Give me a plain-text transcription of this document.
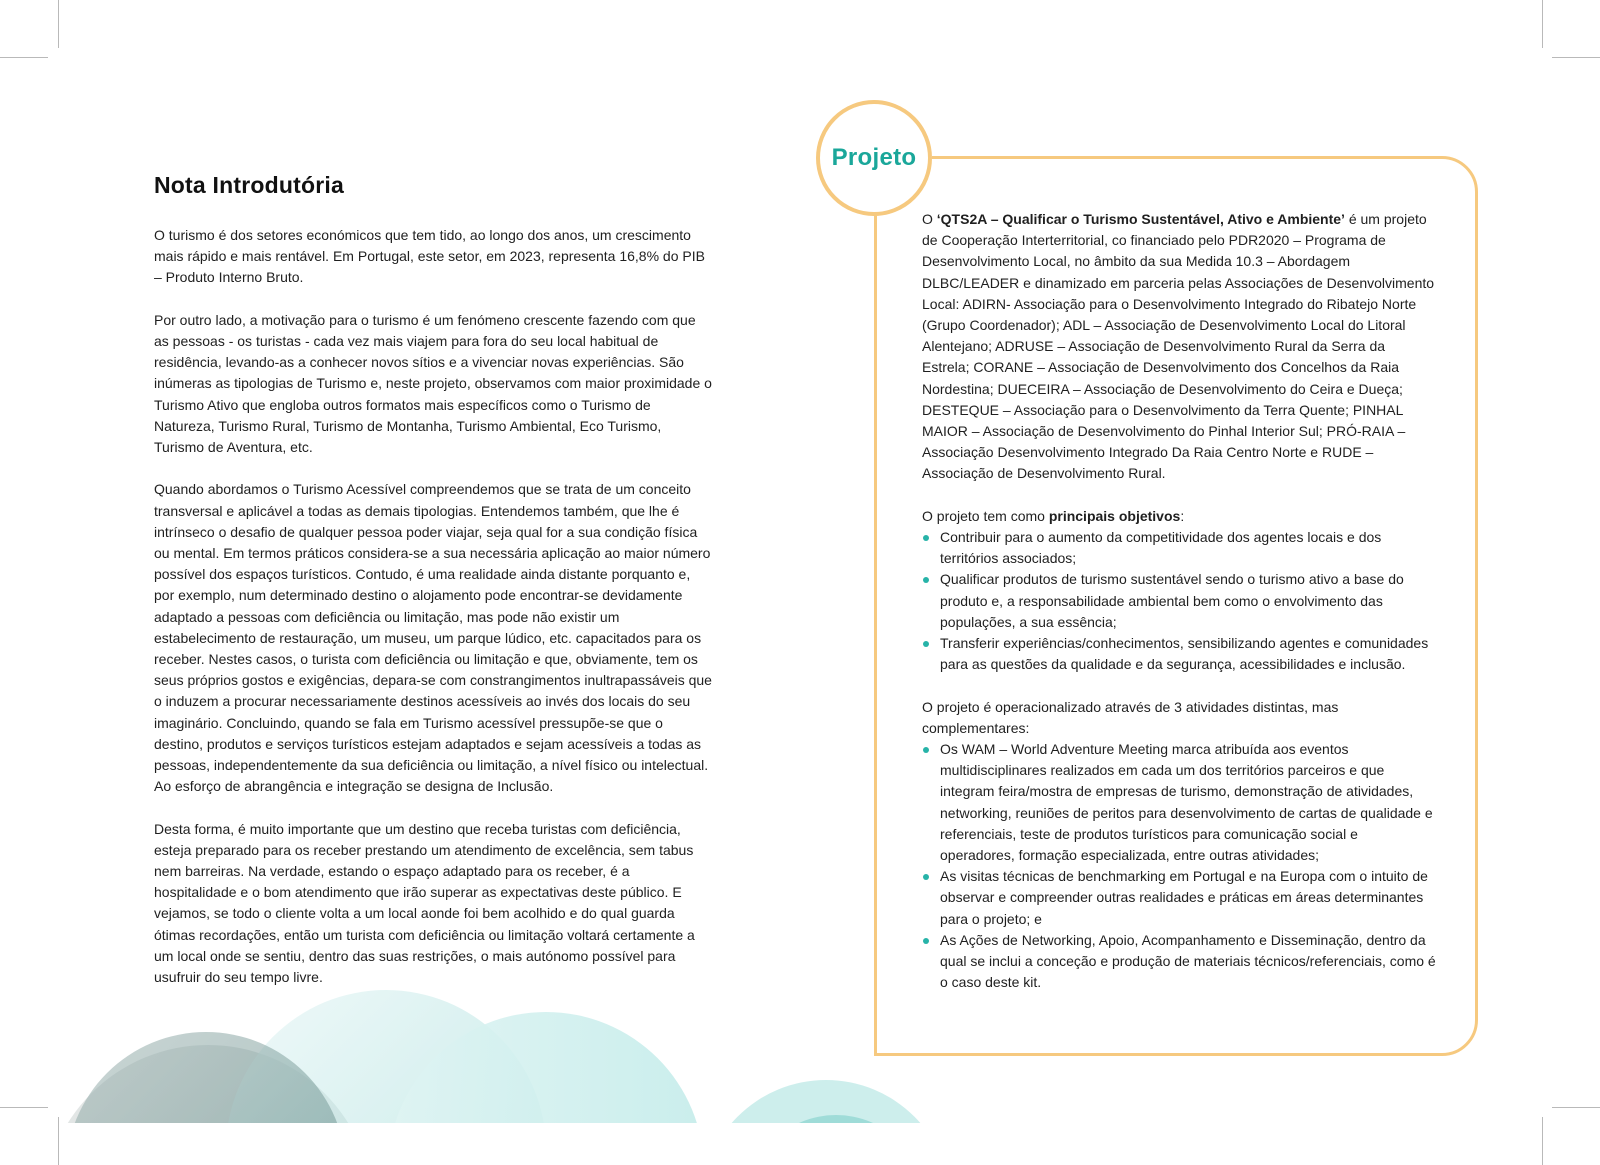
Nota Introdutória

O turismo é dos setores económicos que tem tido, ao longo dos anos, um crescimento mais rápido e mais rentável. Em Portugal, este setor, em 2023, representa 16,8% do PIB – Produto Interno Bruto.

Por outro lado, a motivação para o turismo é um fenómeno crescente fazendo com que as pessoas - os turistas - cada vez mais viajem para fora do seu local habitual de residência, levando-as a conhecer novos sítios e a vivenciar novas experiências. São inúmeras as tipologias de Turismo e, neste projeto, observamos com maior proximidade o Turismo Ativo que engloba outros formatos mais específicos como o Turismo de Natureza, Turismo Rural, Turismo de Montanha, Turismo Ambiental, Eco Turismo, Turismo de Aventura, etc.

Quando abordamos o Turismo Acessível compreendemos que se trata de um conceito transversal e aplicável a todas as demais tipologias. Entendemos também, que lhe é intrínseco o desafio de qualquer pessoa poder viajar, seja qual for a sua condição física ou mental. Em termos práticos considera-se a sua necessária aplicação ao maior número possível dos espaços turísticos. Contudo, é uma realidade ainda distante porquanto e, por exemplo, num determinado destino o alojamento pode encontrar-se devidamente adaptado a pessoas com deficiência ou limitação, mas pode não existir um estabelecimento de restauração, um museu, um parque lúdico, etc. capacitados para os receber. Nestes casos, o turista com deficiência ou limitação e que, obviamente, tem os seus próprios gostos e exigências, depara-se com constrangimentos inultrapassáveis que o induzem a procurar necessariamente destinos acessíveis ao invés dos locais do seu imaginário. Concluindo, quando se fala em Turismo acessível pressupõe-se que o destino, produtos e serviços turísticos estejam adaptados e sejam acessíveis a todas as pessoas, independentemente da sua deficiência ou limitação, a nível físico ou intelectual. Ao esforço de abrangência e integração se designa de Inclusão.

Desta forma, é muito importante que um destino que receba turistas com deficiência, esteja preparado para os receber prestando um atendimento de excelência, sem tabus nem barreiras. Na verdade, estando o espaço adaptado para os receber, é a hospitalidade e o bom atendimento que irão superar as expectativas deste público. E vejamos, se todo o cliente volta a um local aonde foi bem acolhido e do qual guarda ótimas recordações, então um turista com deficiência ou limitação voltará certamente a um local onde se sentiu, dentro das suas restrições, o mais autónomo possível para usufruir do seu tempo livre.

Projeto

O ‘QTS2A – Qualificar o Turismo Sustentável, Ativo e Ambiente’ é um projeto de Cooperação Interterritorial, co financiado pelo PDR2020 – Programa de Desenvolvimento Local, no âmbito da sua Medida 10.3 – Abordagem DLBC/LEADER e dinamizado em parceria pelas Associações de Desenvolvimento Local: ADIRN- Associação para o Desenvolvimento Integrado do Ribatejo Norte (Grupo Coordenador); ADL – Associação de Desenvolvimento Local do Litoral Alentejano; ADRUSE – Associação de Desenvolvimento Rural da Serra da Estrela; CORANE – Associação de Desenvolvimento dos Concelhos da Raia Nordestina; DUECEIRA – Associação de Desenvolvimento do Ceira e Dueça; DESTEQUE – Associação para o Desenvolvimento da Terra Quente; PINHAL MAIOR – Associação de Desenvolvimento do Pinhal Interior Sul; PRÓ-RAIA – Associação Desenvolvimento Integrado Da Raia Centro Norte e RUDE – Associação de Desenvolvimento Rural.

O projeto tem como principais objetivos:

Contribuir para o aumento da competitividade dos agentes locais e dos territórios associados;
Qualificar produtos de turismo sustentável sendo o turismo ativo a base do produto e, a responsabilidade ambiental bem como o envolvimento das populações, a sua essência;
Transferir experiências/conhecimentos, sensibilizando agentes e comunidades para as questões da qualidade e da segurança, acessibilidades e inclusão.

O projeto é operacionalizado através de 3 atividades distintas, mas complementares:

Os WAM – World Adventure Meeting marca atribuída aos eventos multidisciplinares realizados em cada um dos territórios parceiros e que integram feira/mostra de empresas de turismo, demonstração de atividades, networking, reuniões de peritos para desenvolvimento de cartas de qualidade e referenciais, teste de produtos turísticos para comunicação social e operadores, formação especializada, entre outras atividades;
As visitas técnicas de benchmarking em Portugal e na Europa com o intuito de observar e compreender outras realidades e práticas em áreas determinantes para o projeto; e
As Ações de Networking, Apoio, Acompanhamento e Disseminação, dentro da qual se inclui a conceção e produção de materiais técnicos/referenciais, como é o caso deste kit.
